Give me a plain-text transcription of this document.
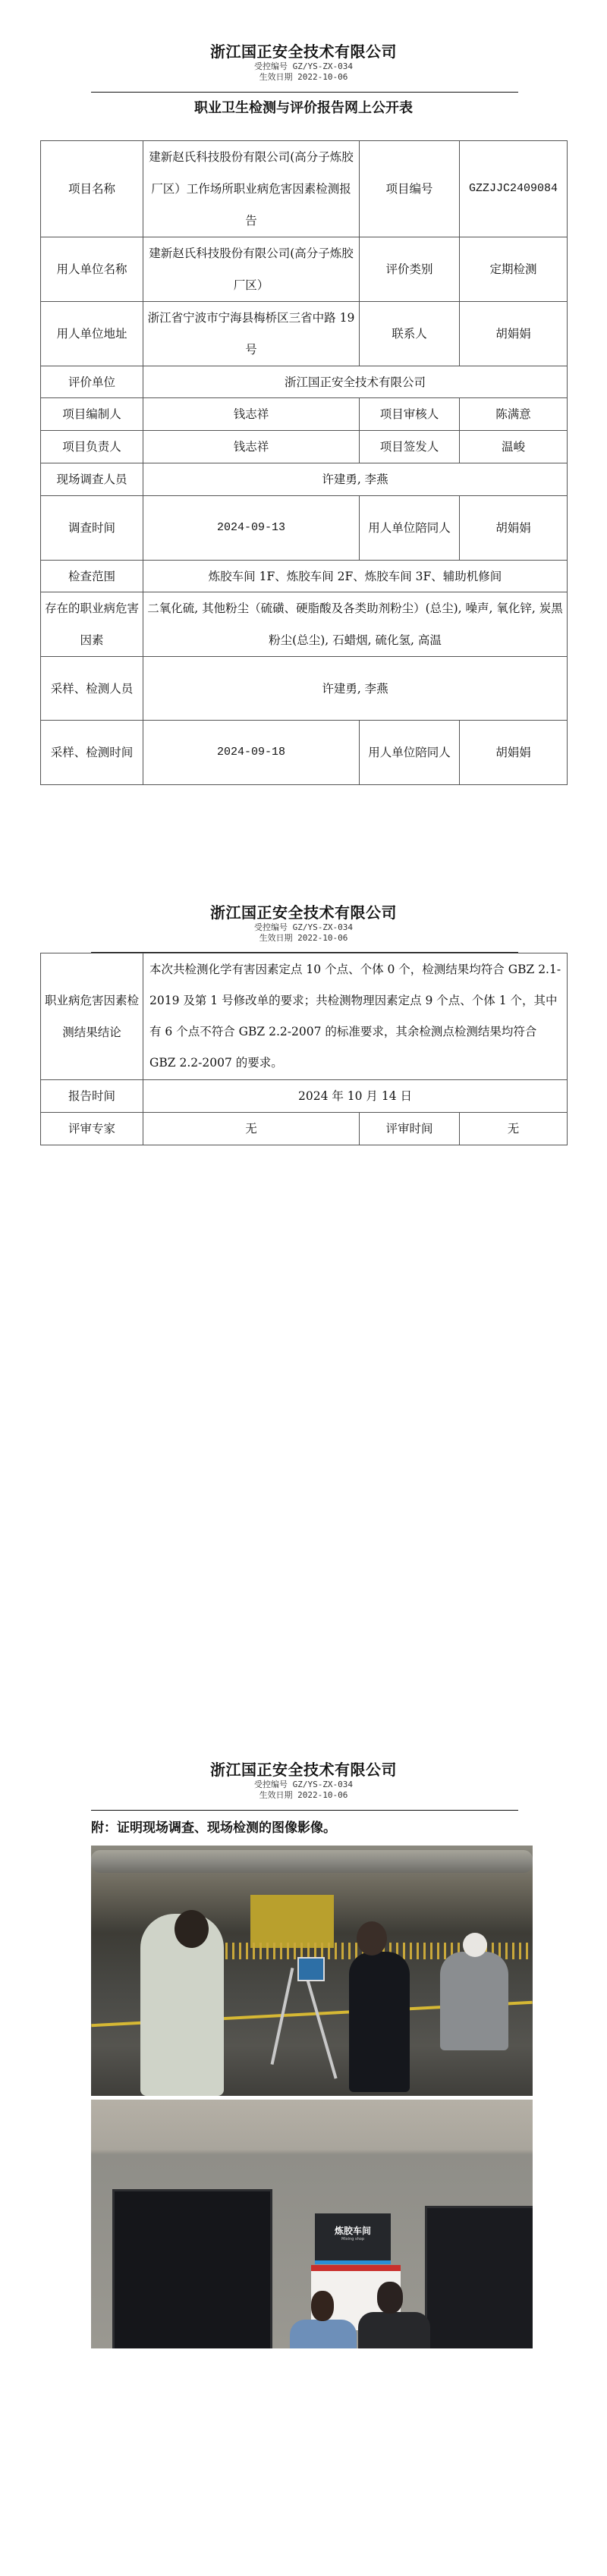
浙江国正安全技术有限公司
受控编号 GZ/YS-ZX-034
生效日期 2022-10-06
职业卫生检测与评价报告网上公开表
项目名称	建新赵氏科技股份有限公司(高分子炼胶厂区）工作场所职业病危害因素检测报告	项目编号	GZZJJC2409084
用人单位名称	建新赵氏科技股份有限公司(高分子炼胶厂区）	评价类别	定期检测
用人单位地址	浙江省宁波市宁海县梅桥区三省中路 19 号	联系人	胡娟娟
评价单位	浙江国正安全技术有限公司		
项目编制人	钱志祥	项目审核人	陈满意
项目负责人	钱志祥	项目签发人	温峻
现场调查人员	许建勇, 李燕		
调查时间	2024-09-13	用人单位陪同人	胡娟娟
检查范围	炼胶车间 1F、炼胶车间 2F、炼胶车间 3F、辅助机修间		
存在的职业病危害因素	二氧化硫, 其他粉尘（硫磺、硬脂酸及各类助剂粉尘）(总尘), 噪声, 氧化锌, 炭黑粉尘(总尘), 石蜡烟, 硫化氢, 高温		
采样、检测人员	许建勇, 李燕		
采样、检测时间	2024-09-18	用人单位陪同人	胡娟娟
浙江国正安全技术有限公司
受控编号 GZ/YS-ZX-034
生效日期 2022-10-06
职业病危害因素检测结果结论	本次共检测化学有害因素定点 10 个点、个体 0 个，检测结果均符合 GBZ 2.1-2019 及第 1 号修改单的要求；共检测物理因素定点 9 个点、个体 1 个，其中有 6 个点不符合 GBZ 2.2-2007 的标准要求，其余检测点检测结果均符合 GBZ 2.2-2007 的要求。		
报告时间	2024 年 10 月 14 日		
评审专家	无	评审时间	无
浙江国正安全技术有限公司
受控编号 GZ/YS-ZX-034
生效日期 2022-10-06
附：证明现场调查、现场检测的图像影像。
炼胶车间
Mixing shop
